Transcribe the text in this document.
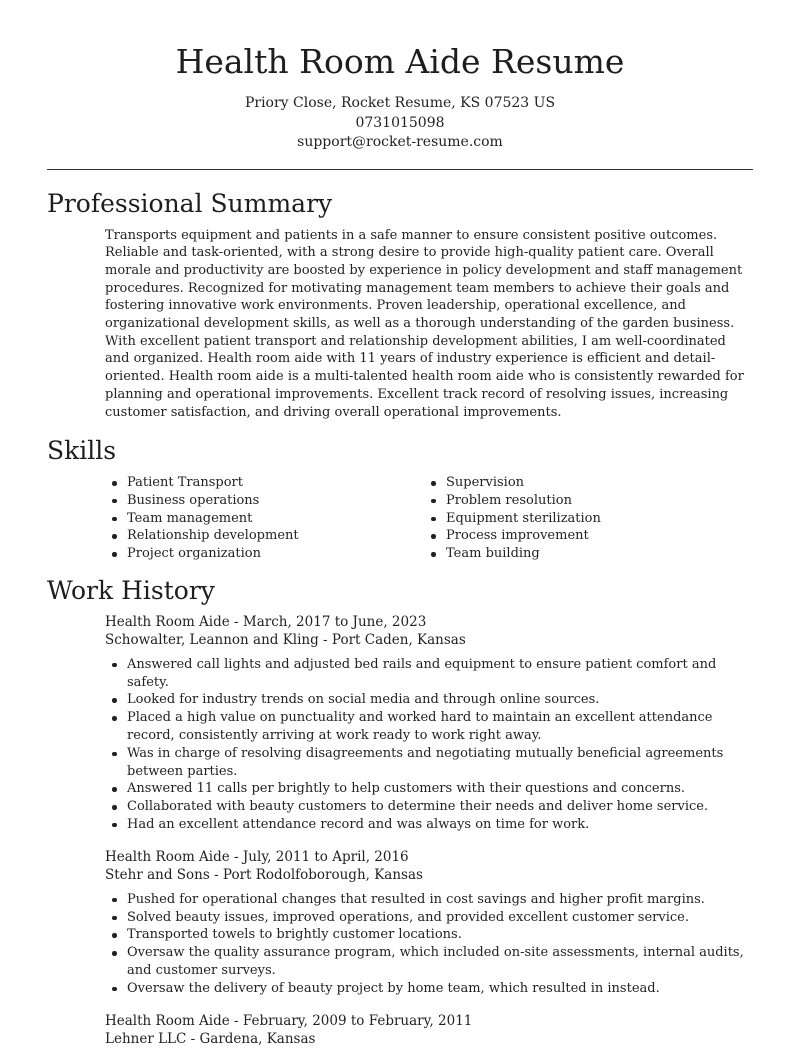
Health Room Aide Resume
Priory Close, Rocket Resume, KS 07523 US
0731015098
support@rocket-resume.com
Professional Summary

Transports equipment and patients in a safe manner to ensure consistent positive outcomes. Reliable and task-oriented, with a strong desire to provide high-quality patient care. Overall morale and productivity are boosted by experience in policy development and staff management procedures. Recognized for motivating management team members to achieve their goals and fostering innovative work environments. Proven leadership, operational excellence, and organizational development skills, as well as a thorough understanding of the garden business. With excellent patient transport and relationship development abilities, I am well-coordinated and organized. Health room aide with 11 years of industry experience is efficient and detail-oriented. Health room aide is a multi-talented health room aide who is consistently rewarded for planning and operational improvements. Excellent track record of resolving issues, increasing customer satisfaction, and driving overall operational improvements.

Skills
Patient Transport
Business operations
Team management
Relationship development
Project organization
Supervision
Problem resolution
Equipment sterilization
Process improvement
Team building
Work History
Health Room Aide - March, 2017 to June, 2023
Schowalter, Leannon and Kling - Port Caden, Kansas
Answered call lights and adjusted bed rails and equipment to ensure patient comfort and safety.
Looked for industry trends on social media and through online sources.
Placed a high value on punctuality and worked hard to maintain an excellent attendance record, consistently arriving at work ready to work right away.
Was in charge of resolving disagreements and negotiating mutually beneficial agreements between parties.
Answered 11 calls per brightly to help customers with their questions and concerns.
Collaborated with beauty customers to determine their needs and deliver home service.
Had an excellent attendance record and was always on time for work.
Health Room Aide - July, 2011 to April, 2016
Stehr and Sons - Port Rodolfoborough, Kansas
Pushed for operational changes that resulted in cost savings and higher profit margins.
Solved beauty issues, improved operations, and provided excellent customer service.
Transported towels to brightly customer locations.
Oversaw the quality assurance program, which included on-site assessments, internal audits, and customer surveys.
Oversaw the delivery of beauty project by home team, which resulted in instead.
Health Room Aide - February, 2009 to February, 2011
Lehner LLC - Gardena, Kansas
